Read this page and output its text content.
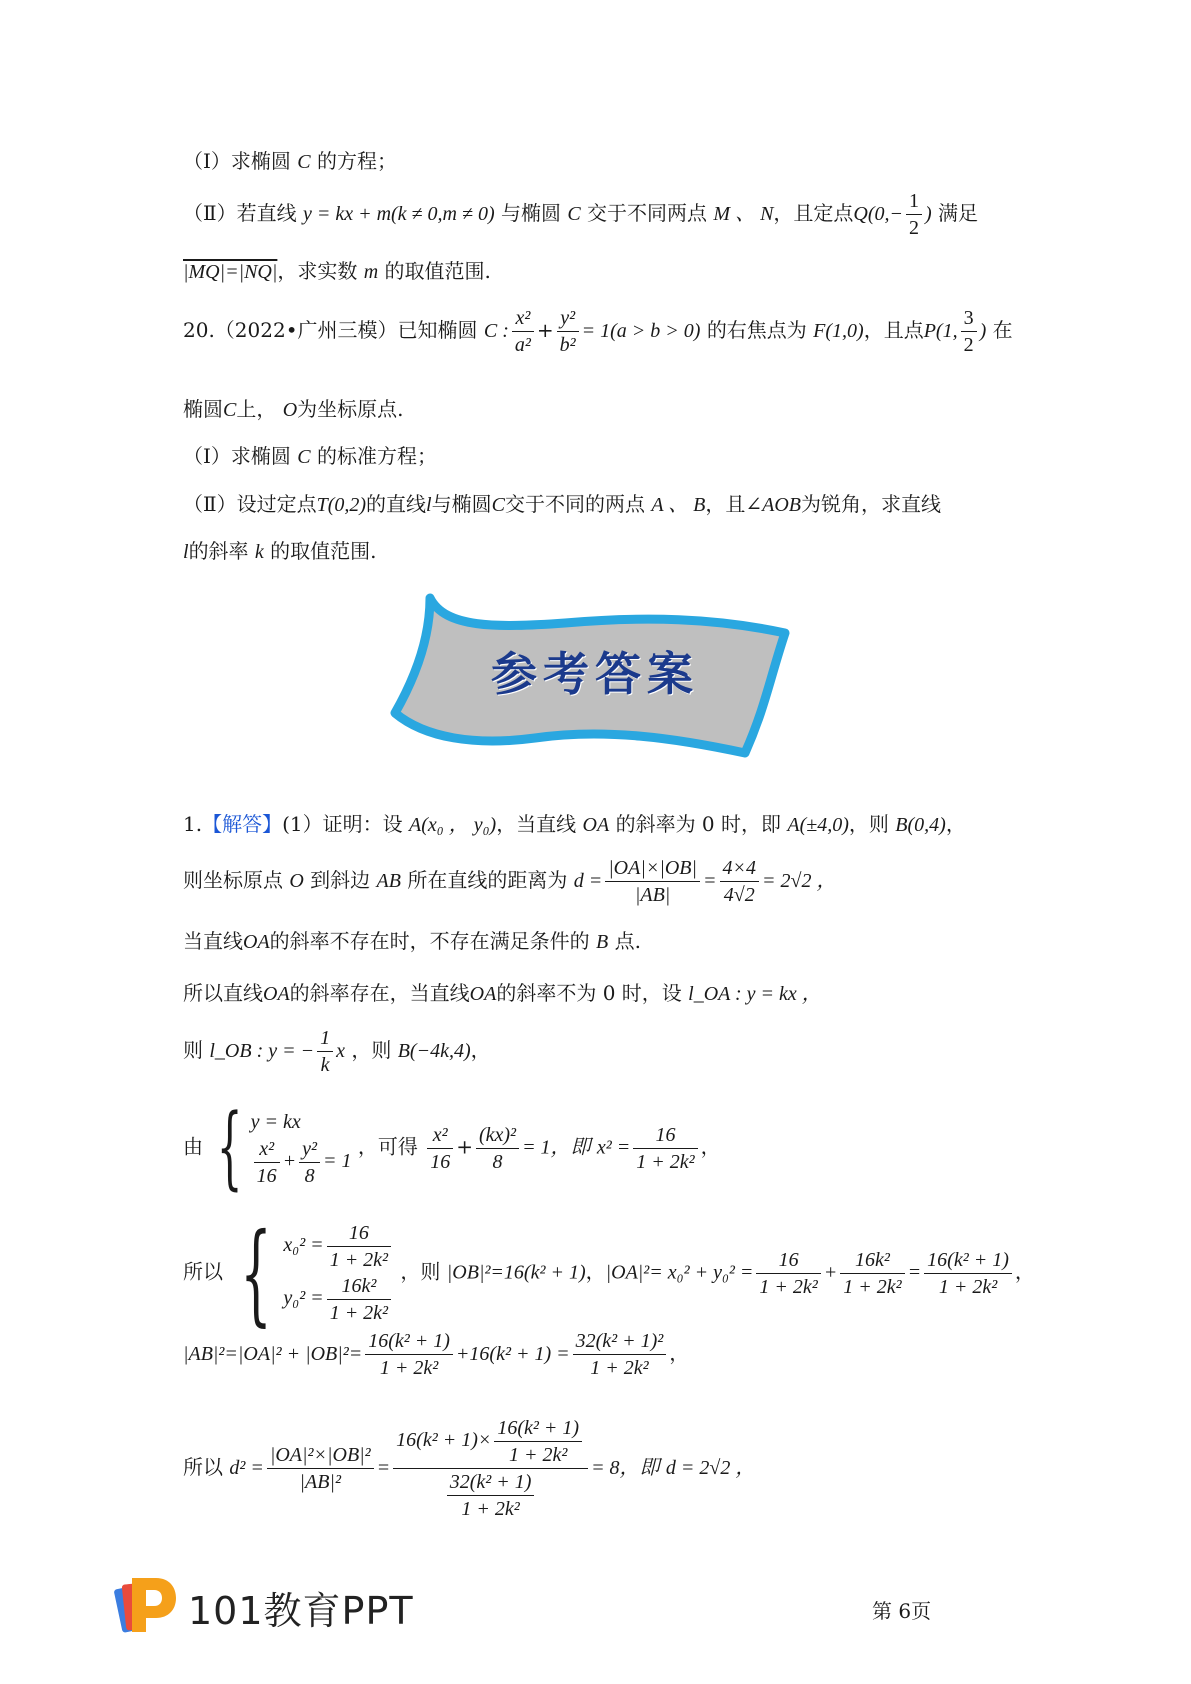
（Ⅰ）求椭圆 C 的方程；
（Ⅱ）若直线 y = kx + m(k ≠ 0,m ≠ 0) 与椭圆 C 交于不同两点 M 、 N，且定点$Q(0,- \frac{1}{2}$ ) 满足
|MQ|=|NQ|，求实数 m 的取值范围.
20.（2022•广州三模）已知椭圆 C : $\frac{\text{x²}}{\text{a²}} + \frac{\text{y²}}{\text{b²}} = 1(a > b > 0)$ 的右焦点为 F(1,0)，且点P(1, $\frac{3}{2}$ ) 在
椭圆C上， O为坐标原点.
（Ⅰ）求椭圆 C 的标准方程；
（Ⅱ）设过定点T(0,2)的直线l与椭圆C交于不同的两点 A 、 B，且∠AOB为锐角，求直线
l的斜率 k 的取值范围.
参考答案
1.【解答】(1）证明：设 A(x₀ ， y₀)，当直线 OA 的斜率为 0 时，即 A(±4,0)，则 B(0,4)，
则坐标原点 O 到斜边 AB 所在直线的距离为 $d = \frac{|OA|\times|OB|}{|AB|} = \frac{4\times 4}{4√2} = 2√2$ ，
当直线OA的斜率不存在时，不存在满足条件的 B 点.
所以直线OA的斜率存在，当直线OA的斜率不为 0 时，设 l_OA : y = kx ，
则 l_OB : y = − $\frac{1}{k}$ x ，则 B(−4k,4)，
由 { y = kx
$\frac{\text{x²}}{16} + \frac{\text{y²}}{8} = 1$
，可得 $\frac{\text{x²}}{16} + \frac{\text{(kx)²}}{8} = 1$，即 $x^2 = \frac{16}{\text{1 + 2k²}}$ ，
所以 { $x_0^2 = \frac{16}{\text{1 + 2k²}}$
$y_0^2 = \frac{\text{16k²}}{\text{1 + 2k²}}$
，则 |OB|²=16(k² + 1)，$|OA|^2= x_0^2 + y_0^2 = \frac{16}{\text{1 + 2k²}} + \frac{\text{16k²}}{\text{1 + 2k²}} = \frac{\text{16(k² + 1)}}{\text{1 + 2k²}}$ ，
$|AB|^2=|OA|^2 + |OB|^2= \frac{\text{16(k² + 1)}}{\text{1 + 2k²}} +16(k^2 + 1) = \frac{\text{32(k² + 1)²}}{\text{1 + 2k²}}$ ，
所以 $d^2 = \frac{\text{|OA|²×|OB|²}}{\text{|AB|²}} = \frac{16(k^2 + 1)\times \frac{\text{16(k² + 1)}}{\text{1 + 2k²}}}{\frac{\text{32(k² + 1)}}{\text{1 + 2k²}}} = 8$，即 d = 2√2 ，
101教育PPT	第 6页
